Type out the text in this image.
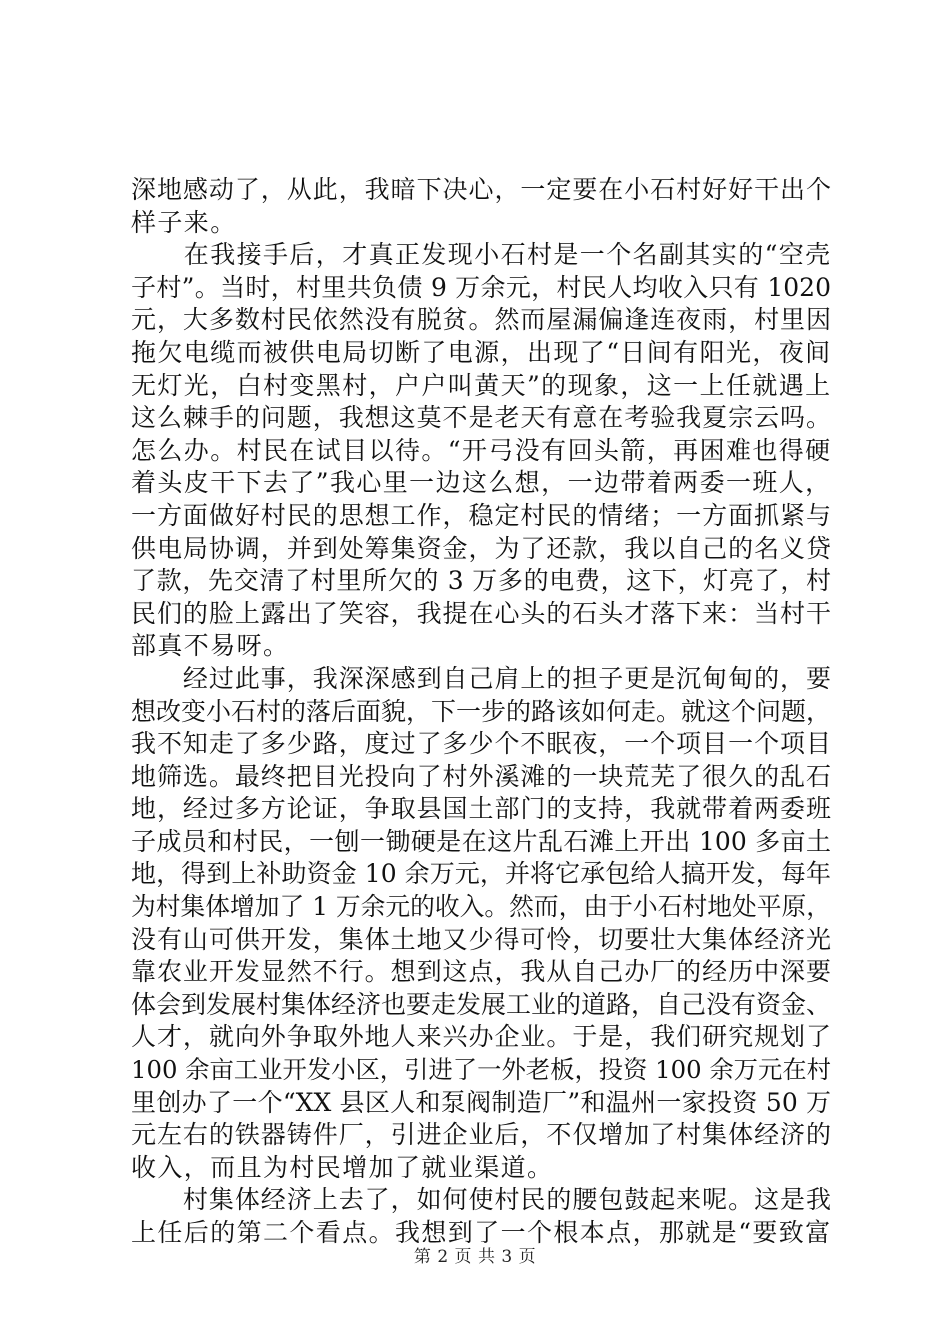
深地感动了，从此，我暗下决心，一定要在小石村好好干出个
样子来。
　　在我接手后，才真正发现小石村是一个名副其实的“空壳
子村”。当时，村里共负债 9 万余元，村民人均收入只有 1020
元，大多数村民依然没有脱贫。然而屋漏偏逢连夜雨，村里因
拖欠电缆而被供电局切断了电源，出现了“日间有阳光，夜间
无灯光，白村变黑村，户户叫黄天”的现象，这一上任就遇上
这么棘手的问题，我想这莫不是老天有意在考验我夏宗云吗。
怎么办。村民在试目以待。“开弓没有回头箭，再困难也得硬
着头皮干下去了”我心里一边这么想，一边带着两委一班人，
一方面做好村民的思想工作，稳定村民的情绪；一方面抓紧与
供电局协调，并到处筹集资金，为了还款，我以自己的名义贷
了款，先交清了村里所欠的 3 万多的电费，这下，灯亮了，村
民们的脸上露出了笑容，我提在心头的石头才落下来：当村干
部真不易呀。
　　经过此事，我深深感到自己肩上的担子更是沉甸甸的，要
想改变小石村的落后面貌，下一步的路该如何走。就这个问题，
我不知走了多少路，度过了多少个不眠夜，一个项目一个项目
地筛选。最终把目光投向了村外溪滩的一块荒芜了很久的乱石
地，经过多方论证，争取县国土部门的支持，我就带着两委班
子成员和村民，一刨一锄硬是在这片乱石滩上开出 100 多亩土
地，得到上补助资金 10 余万元，并将它承包给人搞开发，每年
为村集体增加了 1 万余元的收入。然而，由于小石村地处平原，
没有山可供开发，集体土地又少得可怜，切要壮大集体经济光
靠农业开发显然不行。想到这点，我从自己办厂的经历中深要
体会到发展村集体经济也要走发展工业的道路，自己没有资金、
人才，就向外争取外地人来兴办企业。于是，我们研究规划了
100 余亩工业开发小区，引进了一外老板，投资 100 余万元在村
里创办了一个“XX 县区人和泵阀制造厂”和温州一家投资 50 万
元左右的铁器铸件厂，引进企业后，不仅增加了村集体经济的
收入，而且为村民增加了就业渠道。
　　村集体经济上去了，如何使村民的腰包鼓起来呢。这是我
上任后的第二个看点。我想到了一个根本点，那就是“要致富
第 2 页 共 3 页
